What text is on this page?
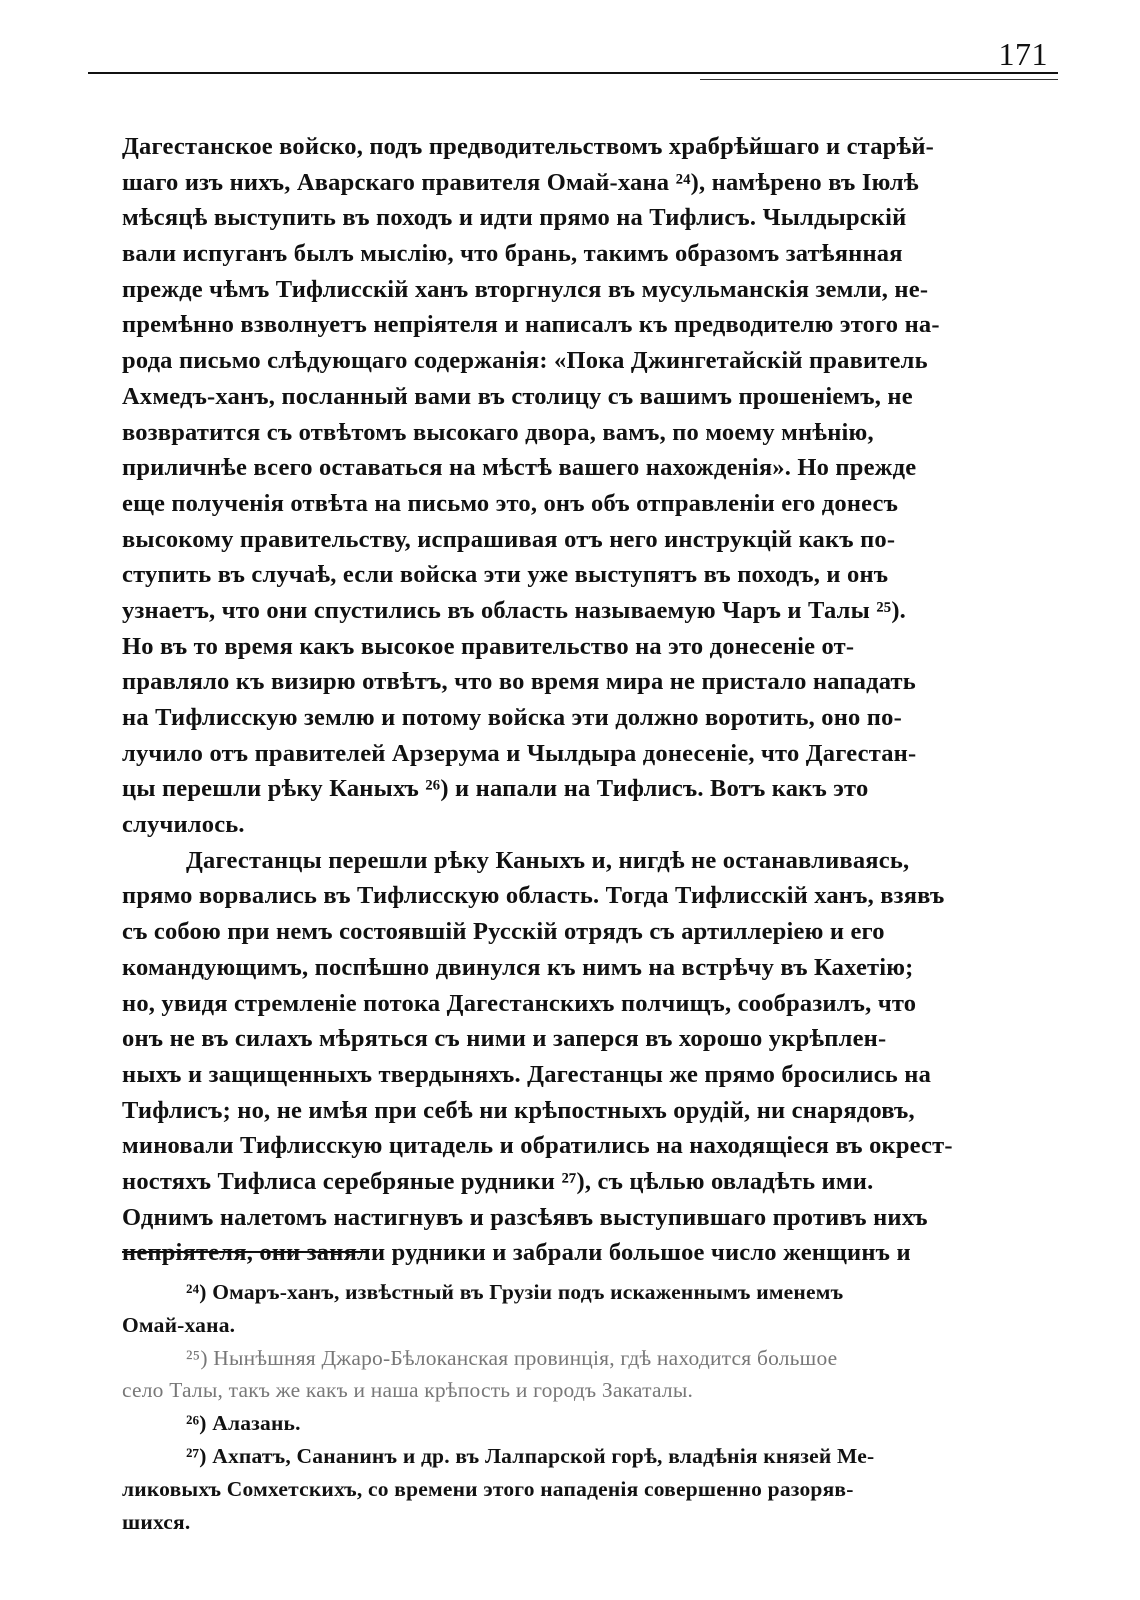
171
Дагестанское войско, подъ предводительствомъ храбрѣйшаго и старѣй-
шаго изъ нихъ, Аварскаго правителя Омай-хана ²⁴), намѣрено въ Іюлѣ
мѣсяцѣ выступить въ походъ и идти прямо на Тифлисъ. Чылдырскій
вали испуганъ былъ мыслію, что брань, такимъ образомъ затѣянная
прежде чѣмъ Тифлисскій ханъ вторгнулся въ мусульманскія земли, не-
премѣнно взволнуетъ непріятеля и написалъ къ предводителю этого на-
рода письмо слѣдующаго содержанія: «Пока Джингетайскій правитель
Ахмедъ-ханъ, посланный вами въ столицу съ вашимъ прошеніемъ, не
возвратится съ отвѣтомъ высокаго двора, вамъ, по моему мнѣнію,
приличнѣе всего оставаться на мѣстѣ вашего нахожденія». Но прежде
еще полученія отвѣта на письмо это, онъ объ отправленіи его донесъ
высокому правительству, испрашивая отъ него инструкцій какъ по-
ступить въ случаѣ, если войска эти уже выступятъ въ походъ, и онъ
узнаетъ, что они спустились въ область называемую Чаръ и Талы ²⁵).
Но въ то время какъ высокое правительство на это донесеніе от-
правляло къ визирю отвѣтъ, что во время мира не пристало нападать
на Тифлисскую землю и потому войска эти должно воротить, оно по-
лучило отъ правителей Арзерума и Чылдыра донесеніе, что Дагестан-
цы перешли рѣку Каныхъ ²⁶) и напали на Тифлисъ. Вотъ какъ это
случилось.
Дагестанцы перешли рѣку Каныхъ и, нигдѣ не останавливаясь,
прямо ворвались въ Тифлисскую область. Тогда Тифлисскій ханъ, взявъ
съ собою при немъ состоявшій Русскій отрядъ съ артиллеріею и его
командующимъ, поспѣшно двинулся къ нимъ на встрѣчу въ Кахетію;
но, увидя стремленіе потока Дагестанскихъ полчищъ, сообразилъ, что
онъ не въ силахъ мѣряться съ ними и заперся въ хорошо укрѣплен-
ныхъ и защищенныхъ твердыняхъ. Дагестанцы же прямо бросились на
Тифлисъ; но, не имѣя при себѣ ни крѣпостныхъ орудій, ни снарядовъ,
миновали Тифлисскую цитадель и обратились на находящіеся въ окрест-
ностяхъ Тифлиса серебряные рудники ²⁷), съ цѣлью овладѣть ими.
Однимъ налетомъ настигнувъ и разсѣявъ выступившаго противъ нихъ
непріятеля, они заняли рудники и забрали большое число женщинъ и
²⁴) Омаръ-ханъ, извѣстный въ Грузіи подъ искаженнымъ именемъ
Омай-хана.
²⁵) Нынѣшняя Джаро-Бѣлоканская провинція, гдѣ находится большое
село Талы, такъ же какъ и наша крѣпость и городъ Закаталы.
²⁶) Алазань.
²⁷) Ахпатъ, Сананинъ и др. въ Лалпарской горѣ, владѣнія князей Ме-
ликовыхъ Сомхетскихъ, со времени этого нападенія совершенно разоряв-
шихся.
